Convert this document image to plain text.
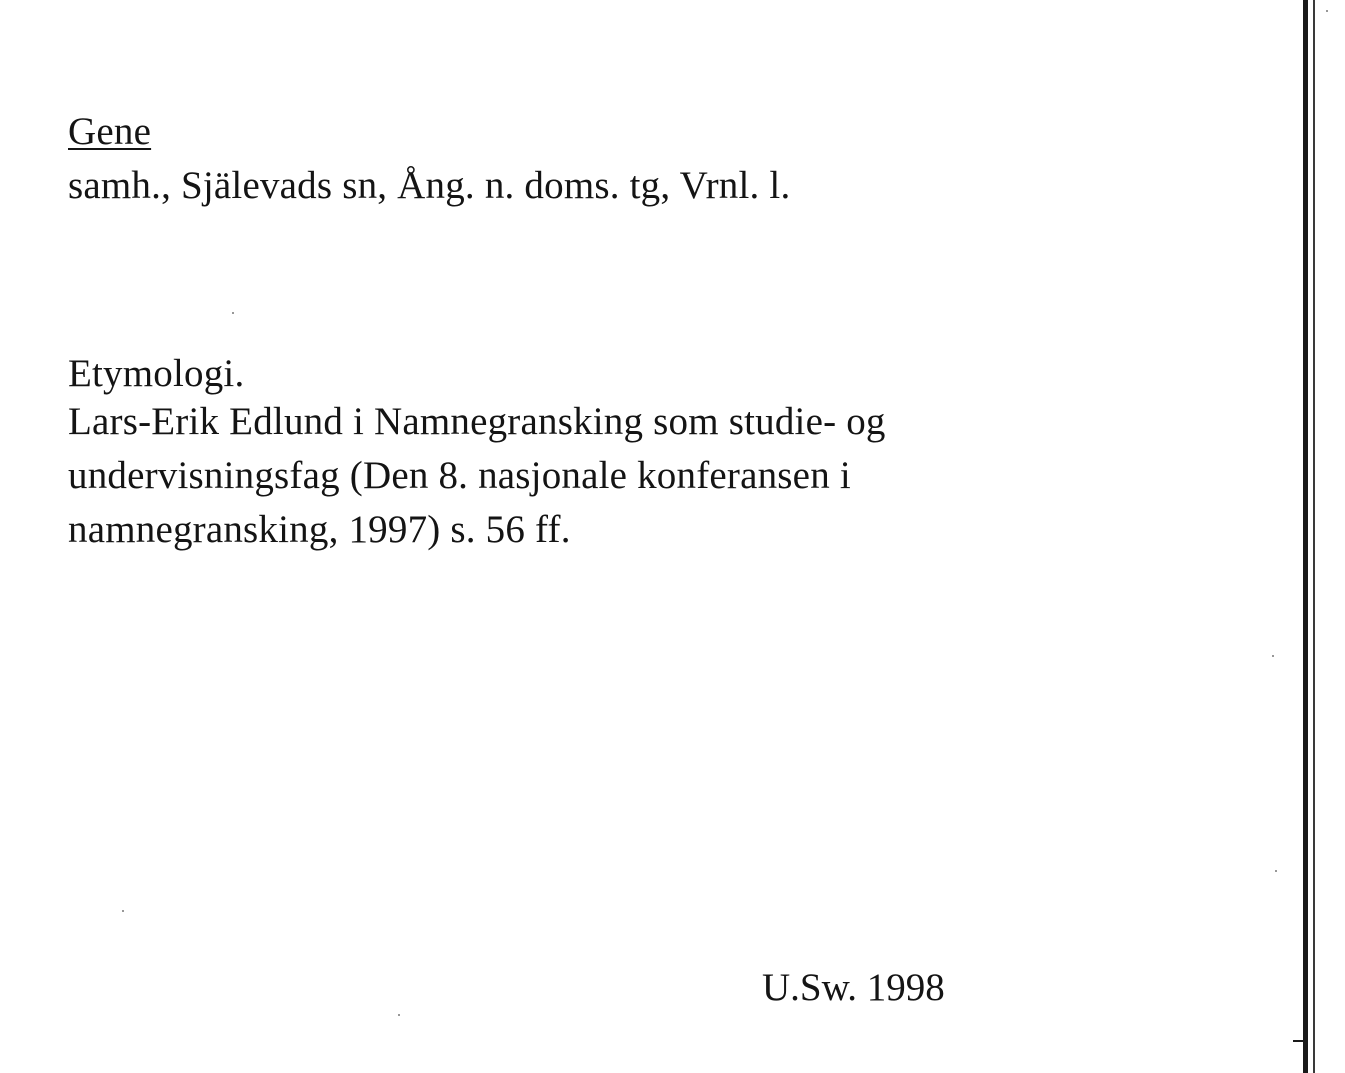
Gene
samh., Själevads sn, Ång. n. doms. tg, Vrnl. l.
Etymologi.
Lars-Erik Edlund i Namnegransking som studie- og
undervisningsfag (Den 8. nasjonale konferansen i
namnegransking, 1997) s. 56 ff.
U.Sw. 1998
